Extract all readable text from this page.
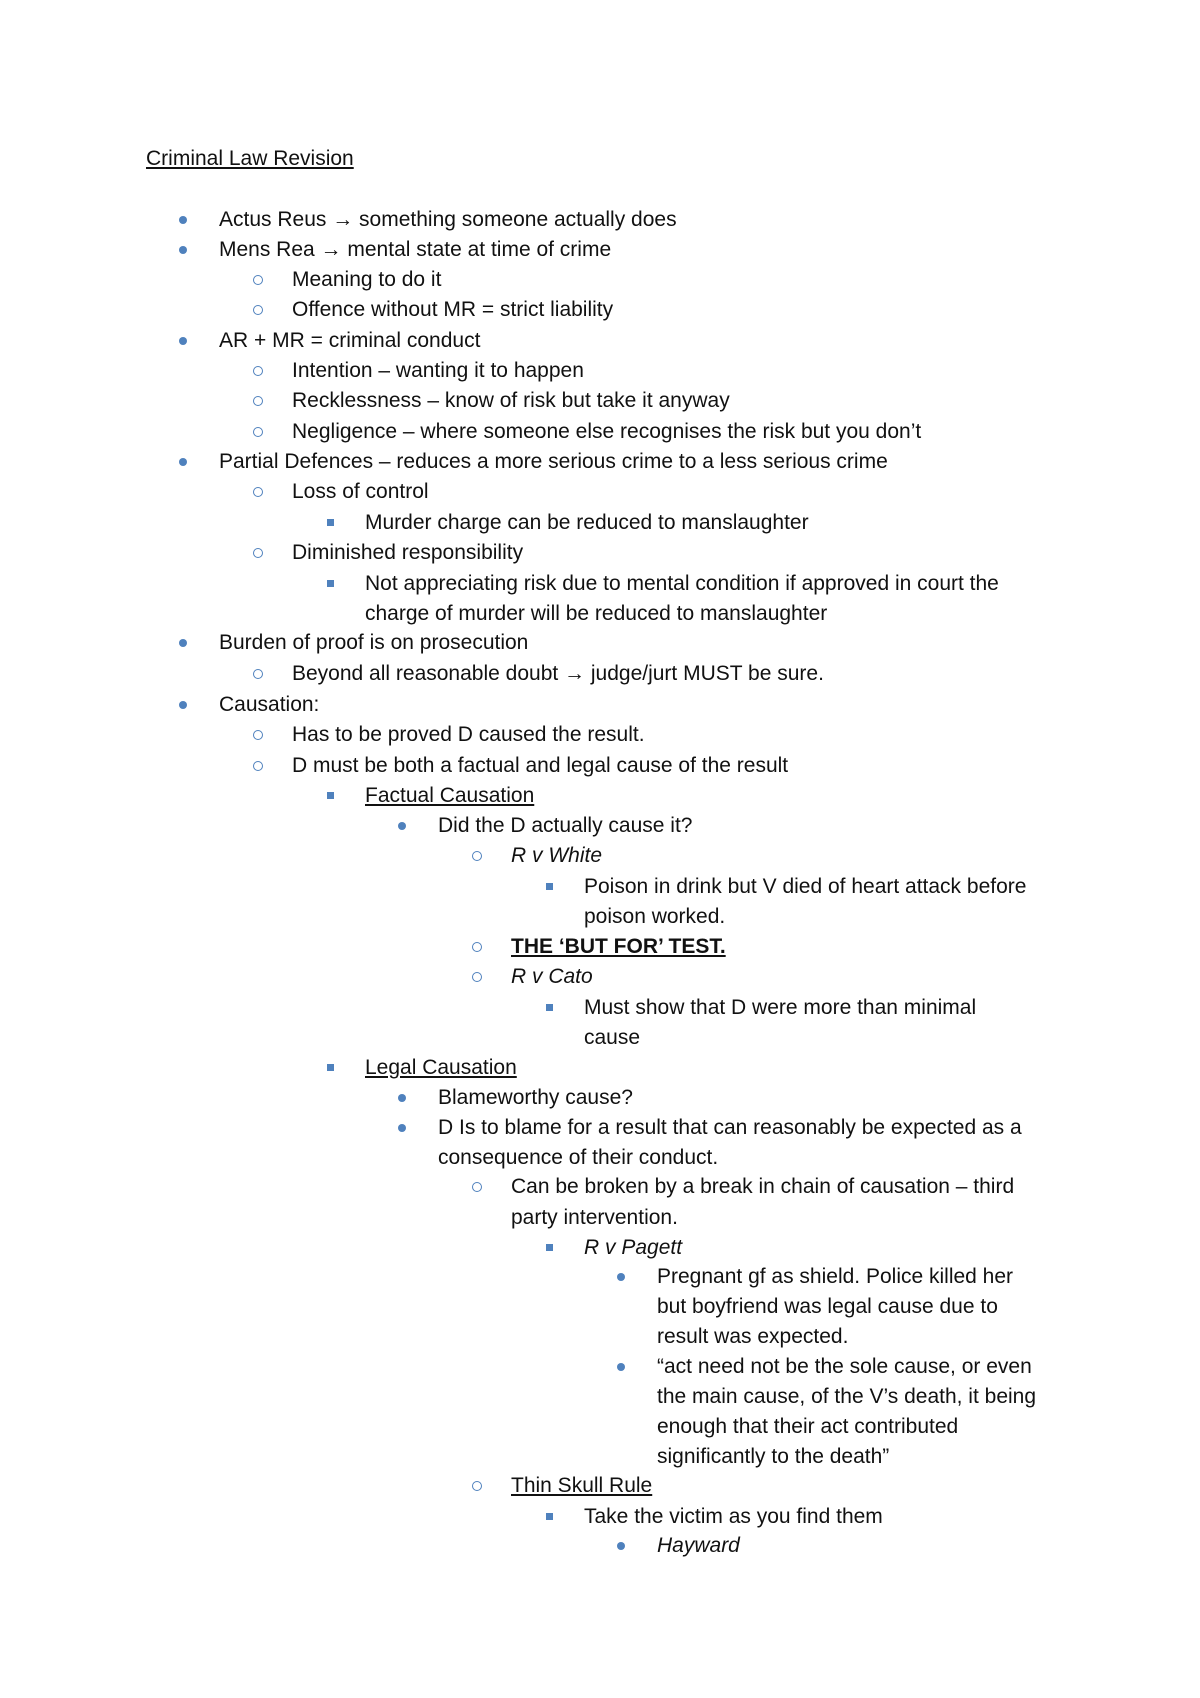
Criminal Law Revision
Actus Reus → something someone actually does
Mens Rea → mental state at time of crime
Meaning to do it
Offence without MR = strict liability
AR + MR = criminal conduct
Intention – wanting it to happen
Recklessness – know of risk but take it anyway
Negligence – where someone else recognises the risk but you don’t
Partial Defences – reduces a more serious crime to a less serious crime
Loss of control
Murder charge can be reduced to manslaughter
Diminished responsibility
Not appreciating risk due to mental condition if approved in court the
charge of murder will be reduced to manslaughter
Burden of proof is on prosecution
Beyond all reasonable doubt → judge/jurt MUST be sure.
Causation:
Has to be proved D caused the result.
D must be both a factual and legal cause of the result
Factual Causation
Did the D actually cause it?
R v White
Poison in drink but V died of heart attack before
poison worked.
THE ‘BUT FOR’ TEST.
R v Cato
Must show that D were more than minimal
cause
Legal Causation
Blameworthy cause?
D Is to blame for a result that can reasonably be expected as a
consequence of their conduct.
Can be broken by a break in chain of causation – third
party intervention.
R v Pagett
Pregnant gf as shield. Police killed her
but boyfriend was legal cause due to
result was expected.
“act need not be the sole cause, or even
the main cause, of the V’s death, it being
enough that their act contributed
significantly to the death”
Thin Skull Rule
Take the victim as you find them
Hayward
